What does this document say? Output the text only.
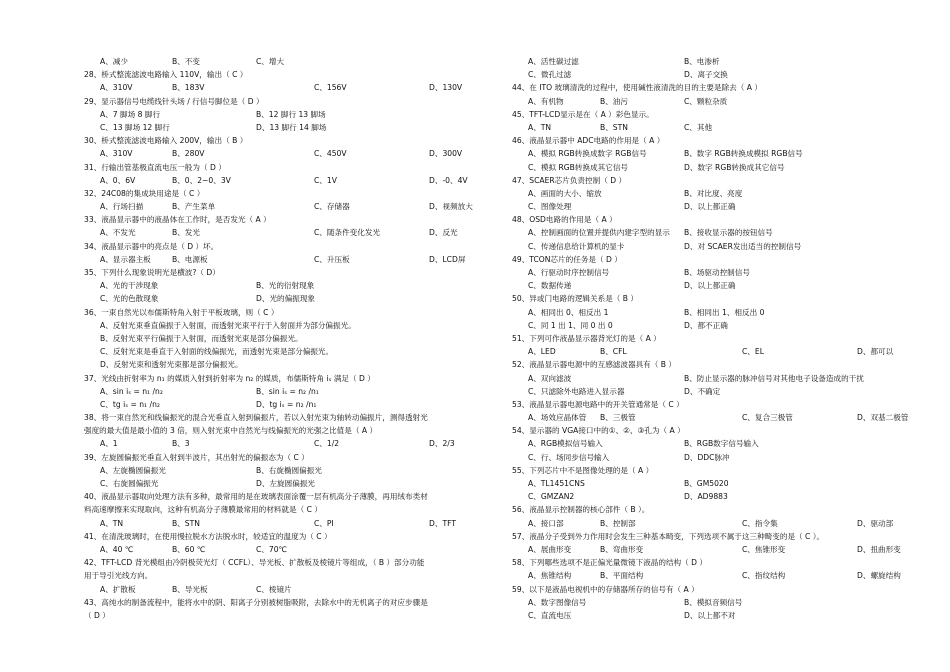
A、减少	B、不变	C、增大
28、桥式整流滤波电路输入 110V，输出（ C ）
A、310V	B、183V	C、156V	D、130V
29、显示器信号电缆线针头场 / 行信号脚位是（ D ）
A、7 脚场 8 脚行	B、12 脚行 13 脚场
C、13 脚场 12 脚行	D、13 脚行 14 脚场
30、桥式整流滤波电路输入 200V，输出（ B ）
A、310V	B、280V	C、450V	D、300V
31、行输出管基极直流电压一般为（ D ）
A、0、6V	B、0、2~0、3V	C、1V	D、-0、4V
32、24C08的集成块用途是（ C ）
A、行场扫描	B、产生菜单	C、存储器	D、视频放大
33、液晶显示器中的液晶体在工作时，是否发光（ A ）
A、不发光	B、发光	C、随条件变化发光	D、反光
34、液晶显示器中的亮点是（ D ）坏。
A、显示器主板	B、电源板	C、升压板	D、LCD屏
35、下列什么现象说明光是横波?（ D）
A、光的干涉现象	B、光的衍射现象
C、光的色散现象	D、光的偏振现象
36、一束自然光以布儒斯特角入射于平板玻璃，则（ C ）
A、反射光束垂直偏振于入射面，而透射光束平行于入射面并为部分偏振光。
B、反射光束平行偏振于入射面，而透射光束是部分偏振光。
C、反射光束是垂直于入射面的线偏振光，而透射光束是部分偏振光。
D、反射光束和透射光束都是部分偏振光。
37、光线由折射率为 n₁ 的媒质入射到折射率为 n₂ 的媒质，布儒斯特角 iₛ 满足（ D ）
A、sin iₛ = n₁ /n₂	B、sin iₛ = n₂ /n₁
C、tg iₛ = n₁ /n₂	D、tg iₛ = n₂ /n₁
38、将一束自然光和线偏振光的混合光垂直入射到偏振片，若以入射光束为轴转动偏振片，测得透射光
强度的最大值是最小值的 3 倍，则入射光束中自然光与线偏振光的光强之比值是（ A ）
A、1	B、3	C、1/2	D、2/3
39、左旋圆偏振光垂直入射到半波片，其出射光的偏振态为（ C ）
A、左旋椭圆偏振光	B、右旋椭圆偏振光
C、右旋圆偏振光	D、左旋圆偏振光
40、液晶显示器取向处理方法有多种，最常用的是在玻璃表面涂覆一层有机高分子薄膜，再用绒布类材
料高速摩擦来实现取向，这种有机高分子薄膜最常用的材料就是（ C ）
A、TN	B、STN	C、PI	D、TFT
41、在清洗玻璃时，在使用慢拉脱水方法脱水时，较适宜的温度为（ C ）
A、40 ℃	B、60 ℃	C、70℃
42、TFT-LCD 背光模组由冷阴极荧光灯（ CCFL）、导光板、扩散板及棱镜片等组成，（ B ）部分功能
用于导引光线方向。
A、扩散板	B、导光板	C、棱镜片
43、高纯水的制备流程中，能将水中的阴、阳离子分别被树脂吸附，去除水中的无机离子的对应步骤是
（ D ）
A、活性碳过滤	B、电渗析
C、微孔过滤	D、离子交换
44、在 ITO 玻璃清洗的过程中，使用碱性液清洗的目的主要是除去（ A ）
A、有机物	B、油污	C、颗粒杂质
45、TFT-LCD显示是在（ A ）彩色显示。
A、TN	B、STN	C、其他
46、液晶显示器中 ADC电路的作用是（ A ）
A、模拟 RGB转换成数字 RGB信号	B、数字 RGB转换成模拟 RGB信号
C、模拟 RGB转换成其它信号	D、数字 RGB转换成其它信号
47、SCAER芯片负责控制（ D ）
A、画面的大小、缩放	B、对比度、亮度
C、图像处理	D、以上都正确
48、OSD电路的作用是（ A ）
A、控制画面的位置并提供内建字型的显示 B、接收显示器的按钮信号
C、传递信息给计算机的显卡	D、对 SCAER发出适当的控制信号
49、TCON芯片的任务是（ D ）
A、行驱动时序控制信号	B、场驱动控制信号
C、数据传递	D、以上都正确
50、异或门电路的逻辑关系是（ B ）
A、相同出 0、相反出 1	B、相同出 1、相反出 0
C、同 1 出 1、同 0 出 0	D、都不正确
51、下列可作液晶显示器背光灯的是（ A ）
A、LED	B、CFL	C、EL	D、都可以
52、液晶显示器电源中的互感滤波器具有（ B ）
A、双向滤波	B、防止显示器的脉冲信号对其他电子设备造成的干扰
C、只滤除外电路进入显示器	D、不确定
53、液晶显示器电源电路中的开关管通常是（ C ）
A、场效应晶体管 B、三极管	C、复合三极管	D、双基二极管
54、显示器的 VGA接口中的①、②、③孔为（ A ）
A、RGB模拟信号输入	B、RGB数字信号输入
C、行、场同步信号输入	D、DDC脉冲
55、下列芯片中不是图像处理的是（ A ）
A、TL1451CNS	B、GM5020
C、GMZAN2	D、AD9883
56、液晶显示控制器的核心部件（ B ）。
A、接口部	B、控制部	C、指令集	D、驱动部
57、液晶分子受到外力作用时会发生三种基本畸变，下列选项不属于这三种畸变的是（ C ）。
A、展曲形变	B、弯曲形变	C、焦锥形变	D、扭曲形变
58、下列哪些选项不是正偏光量微镜下液晶的结构（ D ）
A、焦锥结构	B、平面结构	C、指纹结构	D、螺旋结构
59、以下是液晶电视机中的存储器所存的信号有（ A ）
A、数字图像信号	B、模拟音频信号
C、直流电压	D、以上都不对
